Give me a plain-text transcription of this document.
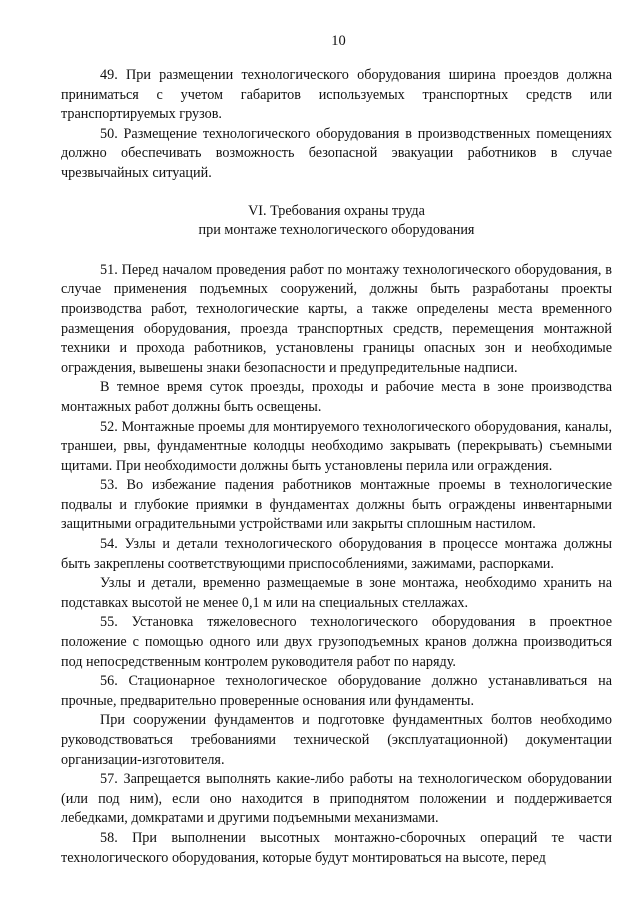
10

49. При размещении технологического оборудования ширина проездов должна приниматься с учетом габаритов используемых транспортных средств или транспортируемых грузов.

50. Размещение технологического оборудования в производственных помещениях должно обеспечивать возможность безопасной эвакуации работников в случае чрезвычайных ситуаций.

VI. Требования охраны труда
при монтаже технологического оборудования

51. Перед началом проведения работ по монтажу технологического оборудования, в случае применения подъемных сооружений, должны быть разработаны проекты производства работ, технологические карты, а также определены места временного размещения оборудования, проезда транспортных средств, перемещения монтажной техники и прохода работников, установлены границы опасных зон и необходимые ограждения, вывешены знаки безопасности и предупредительные надписи.

В темное время суток проезды, проходы и рабочие места в зоне производства монтажных работ должны быть освещены.

52. Монтажные проемы для монтируемого технологического оборудования, каналы, траншеи, рвы, фундаментные колодцы необходимо закрывать (перекрывать) съемными щитами. При необходимости должны быть установлены перила или ограждения.

53. Во избежание падения работников монтажные проемы в технологические подвалы и глубокие приямки в фундаментах должны быть ограждены инвентарными защитными оградительными устройствами или закрыты сплошным настилом.

54. Узлы и детали технологического оборудования в процессе монтажа должны быть закреплены соответствующими приспособлениями, зажимами, распорками.

Узлы и детали, временно размещаемые в зоне монтажа, необходимо хранить на подставках высотой не менее 0,1 м или на специальных стеллажах.

55. Установка тяжеловесного технологического оборудования в проектное положение с помощью одного или двух грузоподъемных кранов должна производиться под непосредственным контролем руководителя работ по наряду.

56. Стационарное технологическое оборудование должно устанавливаться на прочные, предварительно проверенные основания или фундаменты.

При сооружении фундаментов и подготовке фундаментных болтов необходимо руководствоваться требованиями технической (эксплуатационной) документации организации-изготовителя.

57. Запрещается выполнять какие-либо работы на технологическом оборудовании (или под ним), если оно находится в приподнятом положении и поддерживается лебедками, домкратами и другими подъемными механизмами.

58. При выполнении высотных монтажно-сборочных операций те части технологического оборудования, которые будут монтироваться на высоте, перед
